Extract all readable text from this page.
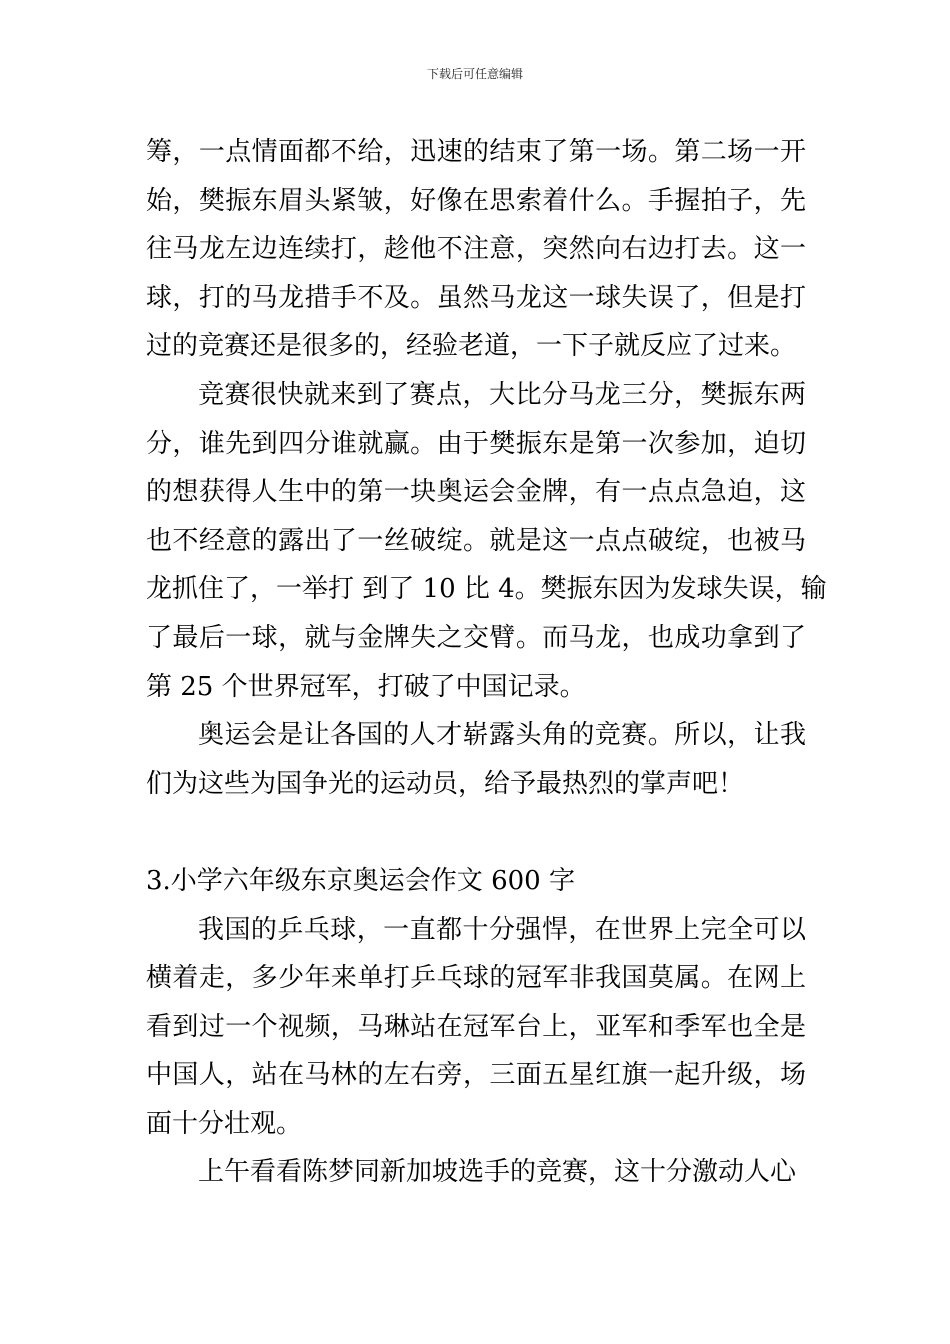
下载后可任意编辑
筹，一点情面都不给，迅速的结束了第一场。第二场一开
始，樊振东眉头紧皱，好像在思索着什么。手握拍子，先
往马龙左边连续打，趁他不注意，突然向右边打去。这一
球，打的马龙措手不及。虽然马龙这一球失误了，但是打
过的竞赛还是很多的，经验老道，一下子就反应了过来。
竞赛很快就来到了赛点，大比分马龙三分，樊振东两
分，谁先到四分谁就赢。由于樊振东是第一次参加，迫切
的想获得人生中的第一块奥运会金牌，有一点点急迫，这
也不经意的露出了一丝破绽。就是这一点点破绽，也被马
龙抓住了，一举打 到了 10 比 4。樊振东因为发球失误，输
了最后一球，就与金牌失之交臂。而马龙，也成功拿到了
第 25 个世界冠军，打破了中国记录。
奥运会是让各国的人才崭露头角的竞赛。所以，让我
们为这些为国争光的运动员，给予最热烈的掌声吧！
3.小学六年级东京奥运会作文 600 字
我国的乒乓球，一直都十分强悍，在世界上完全可以
横着走，多少年来单打乒乓球的冠军非我国莫属。在网上
看到过一个视频，马琳站在冠军台上，亚军和季军也全是
中国人，站在马林的左右旁，三面五星红旗一起升级，场
面十分壮观。
上午看看陈梦同新加坡选手的竞赛，这十分激动人心
